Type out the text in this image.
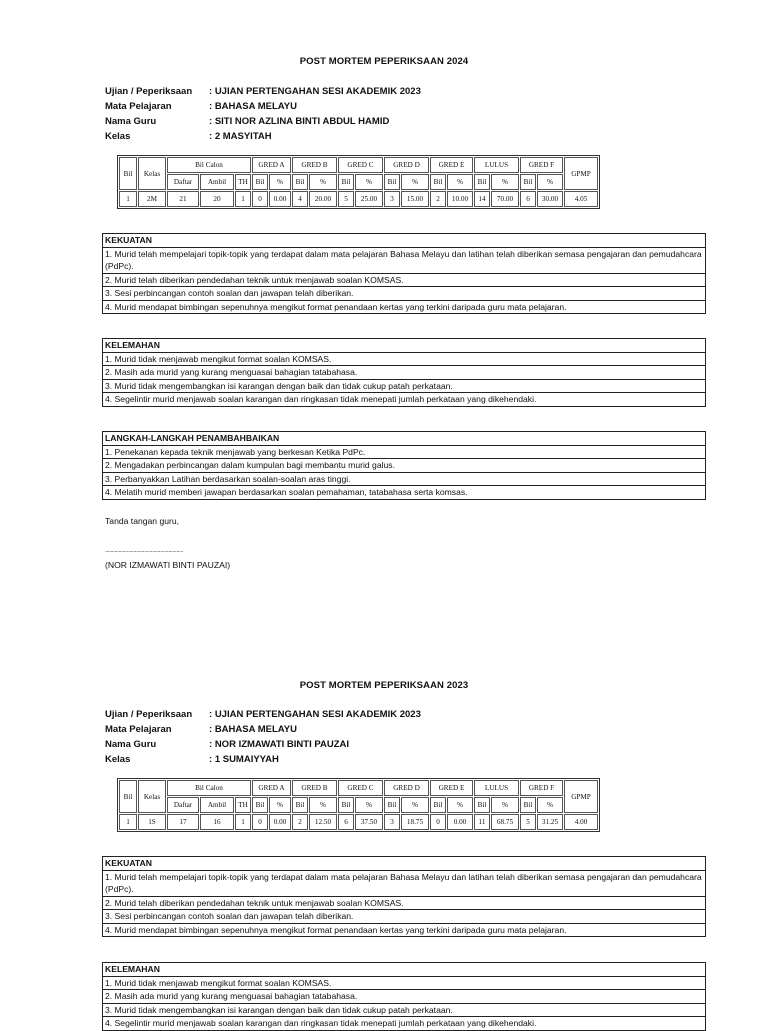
POST MORTEM PEPERIKSAAN 2024
Ujian / Peperiksaan	: UJIAN PERTENGAHAN SESI AKADEMIK 2023
Mata Pelajaran	: BAHASA MELAYU
Nama Guru	: SITI NOR AZLINA BINTI ABDUL HAMID
Kelas	: 2 MASYITAH
Bil	Kelas	Bil Calon			GRED A		GRED B		GRED C		GRED D		GRED E		LULUS		GRED F		GPMP
		Daftar	Ambil	TH	Bil	%	Bil	%	Bil	%	Bil	%	Bil	%	Bil	%	Bil	%	
1	2M	21	20	1	0	0.00	4	20.00	5	25.00	3	15.00	2	10.00	14	70.00	6	30.00	4.05
KEKUATAN
1. Murid telah mempelajari topik-topik yang terdapat dalam mata pelajaran Bahasa Melayu dan latihan telah diberikan semasa pengajaran dan pemudahcara (PdPc).
2. Murid telah diberikan pendedahan teknik untuk menjawab soalan KOMSAS.
3. Sesi perbincangan contoh soalan dan jawapan telah diberikan.
4. Murid mendapat bimbingan sepenuhnya mengikut format penandaan kertas yang terkini daripada guru mata pelajaran.
KELEMAHAN
1. Murid tidak menjawab mengikut format soalan KOMSAS.
2. Masih ada murid yang kurang menguasai bahagian tatabahasa.
3. Murid tidak mengembangkan isi karangan dengan baik dan tidak cukup patah perkataan.
4. Segelintir murid menjawab soalan karangan dan ringkasan tidak menepati jumlah perkataan yang dikehendaki.
LANGKAH-LANGKAH PENAMBAHBAIKAN
1. Penekanan kepada teknik menjawab yang berkesan Ketika PdPc.
2. Mengadakan perbincangan dalam kumpulan bagi membantu murid galus.
3. Perbanyakkan Latihan berdasarkan soalan-soalan aras tinggi.
4. Melatih murid memberi jawapan berdasarkan soalan pemahaman, tatabahasa serta komsas.
Tanda tangan guru,
..........................................................
(NOR IZMAWATI BINTI PAUZAI)
POST MORTEM PEPERIKSAAN 2023
Ujian / Peperiksaan	: UJIAN PERTENGAHAN SESI AKADEMIK 2023
Mata Pelajaran	: BAHASA MELAYU
Nama Guru	: NOR IZMAWATI BINTI PAUZAI
Kelas	: 1 SUMAIYYAH
Bil	Kelas	Bil Calon			GRED A		GRED B		GRED C		GRED D		GRED E		LULUS		GRED F		GPMP
		Daftar	Ambil	TH	Bil	%	Bil	%	Bil	%	Bil	%	Bil	%	Bil	%	Bil	%	
1	1S	17	16	1	0	0.00	2	12.50	6	37.50	3	18.75	0	0.00	11	68.75	5	31.25	4.00
KEKUATAN
1. Murid telah mempelajari topik-topik yang terdapat dalam mata pelajaran Bahasa Melayu dan latihan telah diberikan semasa pengajaran dan pemudahcara (PdPc).
2. Murid telah diberikan pendedahan teknik untuk menjawab soalan KOMSAS.
3. Sesi perbincangan contoh soalan dan jawapan telah diberikan.
4. Murid mendapat bimbingan sepenuhnya mengikut format penandaan kertas yang terkini daripada guru mata pelajaran.
KELEMAHAN
1. Murid tidak menjawab mengikut format soalan KOMSAS.
2. Masih ada murid yang kurang menguasai bahagian tatabahasa.
3. Murid tidak mengembangkan isi karangan dengan baik dan tidak cukup patah perkataan.
4. Segelintir murid menjawab soalan karangan dan ringkasan tidak menepati jumlah perkataan yang dikehendaki.
